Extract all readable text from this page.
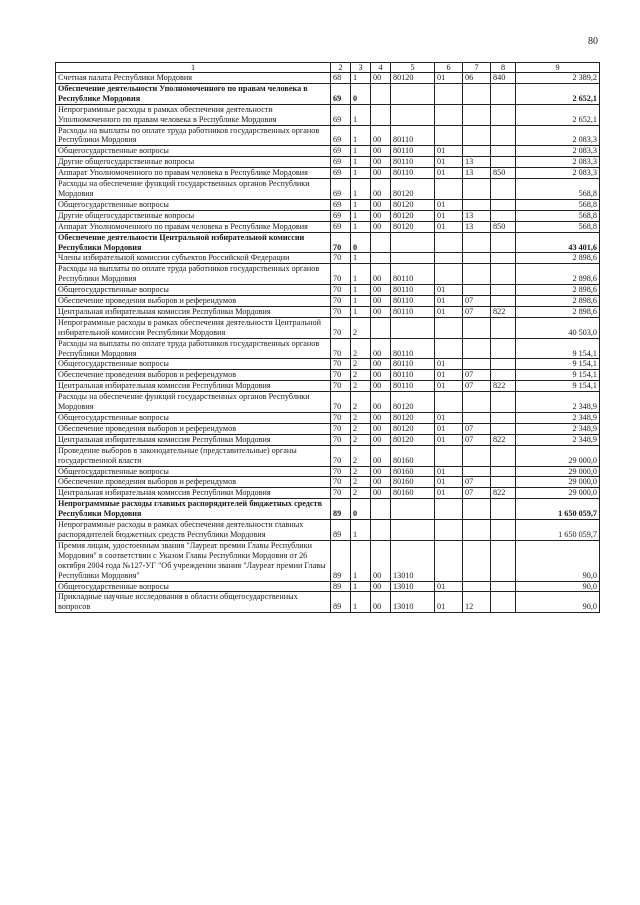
80
1	2	3	4	5	6	7	8	9
Счетная палата Республики Мордовия	68	1	00	80120	01	06	840	2 389,2
Обеспечение деятельности Уполномоченного по правам человека в Республике Мордовия	69	0						2 652,1
Непрограммные расходы в рамках обеспечения деятельности Уполномоченного по правам человека в Республике Мордовия	69	1						2 652,1
Расходы на выплаты по оплате труда работников государственных органов Республики Мордовия	69	1	00	80110				2 083,3
Общегосударственные вопросы	69	1	00	80110	01			2 083,3
Другие общегосударственные вопросы	69	1	00	80110	01	13		2 083,3
Аппарат Уполномоченного по правам человека в Республике Мордовия	69	1	00	80110	01	13	850	2 083,3
Расходы на обеспечение функций государственных органов Республики Мордовия	69	1	00	80120				568,8
Общегосударственные вопросы	69	1	00	80120	01			568,8
Другие общегосударственные вопросы	69	1	00	80120	01	13		568,8
Аппарат Уполномоченного по правам человека в Республике Мордовия	69	1	00	80120	01	13	850	568,8
Обеспечение деятельности Центральной избирательной комиссии Республики Мордовия	70	0						43 401,6
Члены избирательной комиссии субъектов Российской Федерации	70	1						2 898,6
Расходы на выплаты по оплате труда работников государственных органов Республики Мордовия	70	1	00	80110				2 898,6
Общегосударственные вопросы	70	1	00	80110	01			2 898,6
Обеспечение проведения выборов и референдумов	70	1	00	80110	01	07		2 898,6
Центральная избирательная комиссия Республики Мордовия	70	1	00	80110	01	07	822	2 898,6
Непрограммные расходы в рамках обеспечения деятельности Центральной избирательной комиссии Республики Мордовия	70	2						40 503,0
Расходы на выплаты по оплате труда работников государственных органов Республики Мордовия	70	2	00	80110				9 154,1
Общегосударственные вопросы	70	2	00	80110	01			9 154,1
Обеспечение проведения выборов и референдумов	70	2	00	80110	01	07		9 154,1
Центральная избирательная комиссия Республики Мордовия	70	2	00	80110	01	07	822	9 154,1
Расходы на обеспечение функций государственных органов Республики Мордовия	70	2	00	80120				2 348,9
Общегосударственные вопросы	70	2	00	80120	01			2 348,9
Обеспечение проведения выборов и референдумов	70	2	00	80120	01	07		2 348,9
Центральная избирательная комиссия Республики Мордовия	70	2	00	80120	01	07	822	2 348,9
Проведение выборов в законодательные (представительные) органы государственной власти	70	2	00	80160				29 000,0
Общегосударственные вопросы	70	2	00	80160	01			29 000,0
Обеспечение проведения выборов и референдумов	70	2	00	80160	01	07		29 000,0
Центральная избирательная комиссия Республики Мордовия	70	2	00	80160	01	07	822	29 000,0
Непрограммные расходы главных распорядителей бюджетных средств Республики Мордовия	89	0						1 650 059,7
Непрограммные расходы в рамках обеспечения деятельности главных распорядителей бюджетных средств Республики Мордовия	89	1						1 650 059,7
Премия лицам, удостоенным звания "Лауреат премии Главы Республики Мордовия" в соответствии с Указом Главы Республики Мордовия от 26 октября 2004 года №127-УГ "Об учреждении звания "Лауреат премии Главы Республики Мордовия"	89	1	00	13010				90,0
Общегосударственные вопросы	89	1	00	13010	01			90,0
Прикладные научные исследования в области общегосударственных вопросов	89	1	00	13010	01	12		90,0
